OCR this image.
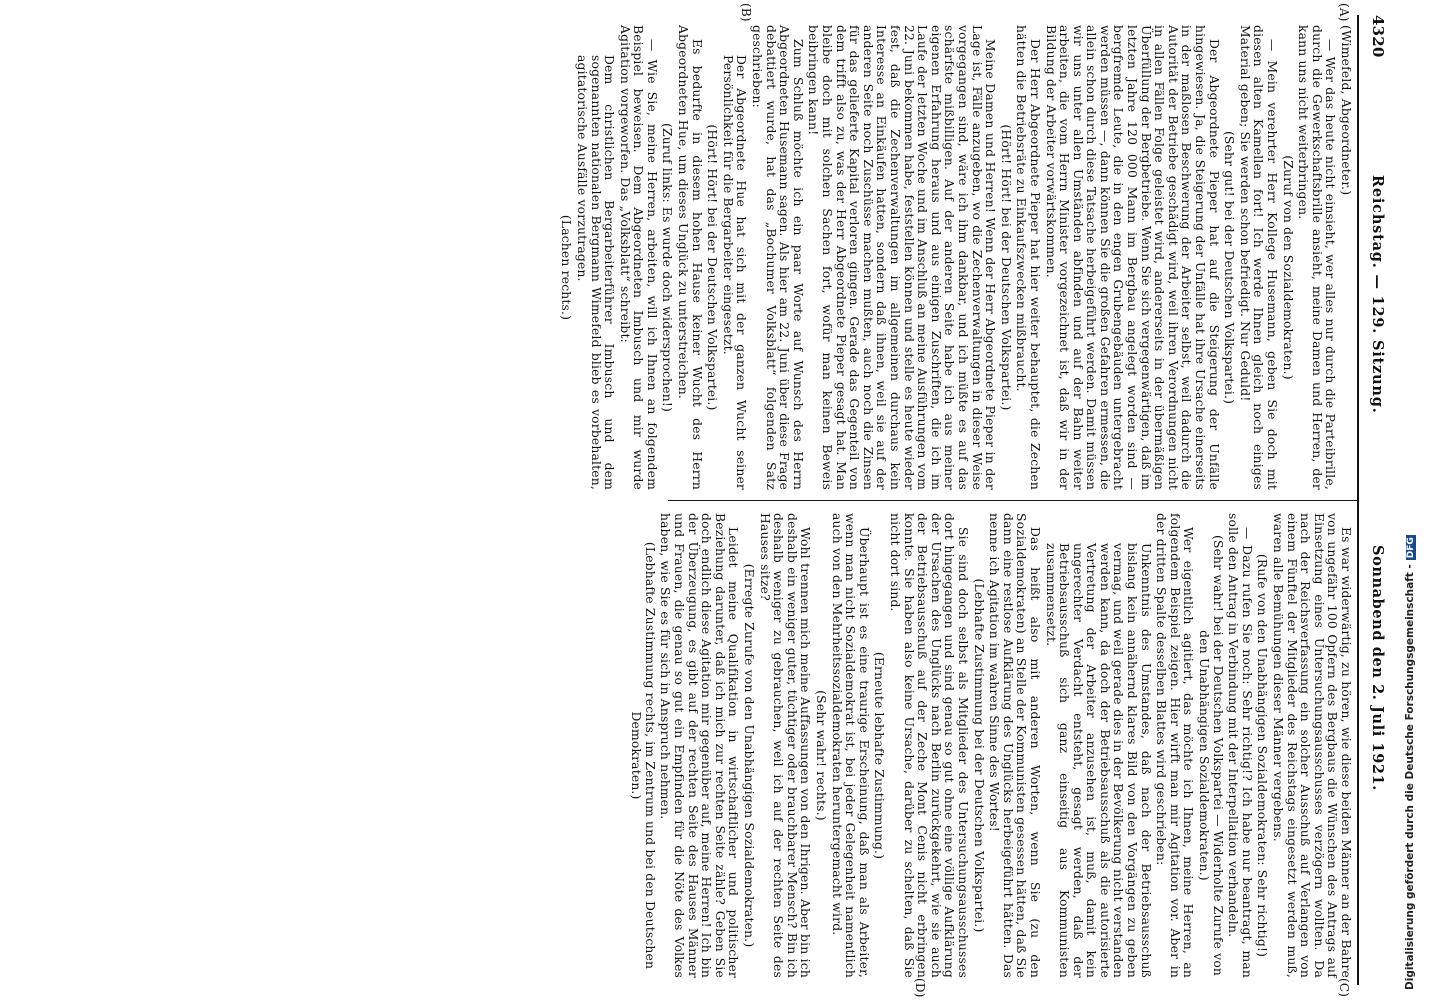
4320
Reichstag. — 129. Sitzung.
Sonnabend den 2. Juli 1921.
(A)
(B)
(C)
(D)

(Wimefeld, Abgeordneter.)

— Wer das heute nicht einsieht, wer alles nur durch die Parteibrille, durch die Gewerkschaftsbrille ansieht, meine Damen und Herren, der kann uns nicht weiterbringen.

(Zuruf von den Sozialdemokraten.)

— Mein verehrter Herr Kollege Husemann, geben Sie doch mit diesen alten Kamellen fort! Ich werde Ihnen gleich noch einiges Material geben; Sie werden schon befriedigt. Nur Geduld!

(Sehr gut! bei der Deutschen Volkspartei.)

Der Abgeordnete Pieper hat auf die Steigerung der Unfälle hingewiesen. Ja, die Steigerung der Unfälle hat ihre Ursache einerseits in der maßlosen Beschwerung der Arbeiter selbst, weil dadurch die Autorität der Betriebe geschädigt wird, weil ihren Verordnungen nicht in allen Fällen Folge geleistet wird, andererseits in der übermäßigen Überfüllung der Bergbetriebe. Wenn Sie sich vergegenwärtigen, daß im letzten Jahre 120 000 Mann im Bergbau angelegt worden sind — bergfremde Leute, die in den engen Grubengebäuden untergebracht werden müssen —, dann können Sie die großen Gefahren ermessen, die allein schon durch diese Tatsache herbeigeführt werden. Damit müssen wir uns unter allen Umständen abfinden und auf der Bahn weiter arbeiten, die vom Herrn Minister vorgezeichnet ist, daß wir in der Bildung der Arbeiter vorwärtskommen.

Der Herr Abgeordnete Pieper hat hier weiter behauptet, die Zechen hätten die Betriebsräte zu Einkaufszwecken mißbraucht.

(Hört! Hört! bei der Deutschen Volkspartei.)

Meine Damen und Herren! Wenn der Herr Abgeordnete Pieper in der Lage ist, Fälle anzugeben, wo die Zechenverwaltungen in dieser Weise vorgegangen sind, wäre ich ihm dankbar, und ich müßte es auf das schärfste mißbilligen. Auf der anderen Seite habe ich aus meiner eigenen Erfahrung heraus und aus einigen Zuschriften, die ich im Laufe der letzten Woche und im Anschluß an meine Ausführungen vom 22. Juni bekommen habe, feststellen können und stelle es heute wieder fest, daß die Zechenverwaltungen im allgemeinen durchaus kein Interesse an Einkäufen hatten, sondern daß ihnen, weil sie auf der anderen Seite noch Zuschüsse machen mußten, auch noch die Zinsen für das gelieferte Kapital verloren gingen. Gerade das Gegenteil von dem trifft also zu, was der Herr Abgeordnete Pieper gesagt hat. Man bleibe doch mit solchen Sachen fort, wofür man keinen Beweis beibringen kann!

Zum Schluß möchte ich ein paar Worte auf Wunsch des Herrn Abgeordneten Husemann sagen. Als hier am 22. Juni über diese Frage debattiert wurde, hat das „Bochumer Volksblatt“ folgenden Satz geschrieben:

Der Abgeordnete Hue hat sich mit der ganzen Wucht seiner Persönlichkeit für die Bergarbeiter eingesetzt.

(Hört! Hört! bei der Deutschen Volkspartei.)

Es bedurfte in diesem hohen Hause keiner Wucht des Herrn Abgeordneten Hue, um dieses Unglück zu unterstreichen.

(Zuruf links: Es wurde doch widersprochen!)

— Wie Sie, meine Herren, arbeiten, will ich Ihnen an folgendem Beispiel beweisen. Dem Abgeordneten Imbusch und mir wurde Agitation vorgeworfen. Das „Volksblatt“ schreibt:

Dem christlichen Bergarbeiterführer Imbusch und dem sogenannten nationalen Bergmann Wimefeld blieb es vorbehalten, agitatorische Ausfälle vorzutragen.

(Lachen rechts.)

Es war widerwärtig, zu hören, wie diese beiden Männer an der Bahre von ungefähr 100 Opfern des Bergbaus die Wünschen des Antrags auf Einsetzung eines Untersuchungsausschusses verzögern wollten. Da nach der Reichsverfassung ein solcher Ausschuß auf Verlangen von einem Fünftel der Mitglieder des Reichstags eingesetzt werden muß, waren alle Bemühungen dieser Männer vergebens.

(Rufe von den Unabhängigen Sozialdemokraten: Sehr richtig!)

— Dazu rufen Sie noch: Sehr richtig!? Ich habe nur beantragt, man solle den Antrag in Verbindung mit der Interpellation verhandeln.

(Sehr wahr! bei der Deutschen Volkspartei — Widerholte Zurufe von den Unabhängigen Sozialdemokraten.)

Wer eigentlich agitiert, das möchte ich Ihnen, meine Herren, an folgendem Beispiel zeigen. Hier wirft man mir Agitation vor. Aber in der dritten Spalte desselben Blattes wird geschrieben:

Unkenntnis des Umstandes, daß nach der Betriebsausschuß bislang kein annähernd klares Bild von den Vorgängen zu geben vermag, und weil gerade dies in der Bevölkerung nicht verstanden werden kann, da doch der Betriebsausschuß als die autorisierte Vertretung der Arbeiter anzusehen ist, muß, damit kein ungerechter Verdacht entsteht, gesagt werden, daß der Betriebsausschuß sich ganz einseitig aus Kommunisten zusammensetzt.

Das heißt also mit anderen Worten, wenn Sie (zu den Sozialdemokraten) an Stelle der Kommunisten gesessen hätten, daß Sie dann eine restlose Aufklärung des Unglücks herbeigeführt hätten. Das nenne ich Agitation im wahren Sinne des Wortes!

(Lebhafte Zustimmung bei der Deutschen Volkspartei.)

Sie sind doch selbst als Mitglieder des Untersuchungsausschusses dort hingegangen und sind genau so gut ohne eine völlige Aufklärung der Ursachen des Unglücks nach Berlin zurückgekehrt, wie sie auch der Betriebsausschuß auf der Zeche Mont Cenis nicht erbringen konnte. Sie haben also keine Ursache, darüber zu schelten, daß Sie nicht dort sind.

(Erneute lebhafte Zustimmung.)

Überhaupt ist es eine traurige Erscheinung, daß man als Arbeiter, wenn man nicht Sozialdemokrat ist, bei jeder Gelegenheit namentlich auch von den Mehrheitssozialdemokraten heruntergemacht wird.

(Sehr wahr! rechts.)

Wohl trennen mich meine Auffassungen von den Ihrigen. Aber bin ich deshalb ein weniger guter, tüchtiger oder brauchbarer Mensch? Bin ich deshalb weniger zu gebrauchen, weil ich auf der rechten Seite des Hauses sitze?

(Erregte Zurufe von den Unabhängigen Sozialdemokraten.)

Leidet meine Qualifikation in wirtschaftlicher und politischer Beziehung darunter, daß ich mich zur rechten Seite zähle? Geben Sie doch endlich diese Agitation mir gegenüber auf, meine Herren! Ich bin der Überzeugung, es gibt auf der rechten Seite des Hauses Männer und Frauen, die genau so gut ein Empfinden für die Nöte des Volkes haben, wie Sie es für sich in Anspruch nehmen.

(Lebhafte Zustimmung rechts, im Zentrum und bei den Deutschen Demokraten.)	Digitalisierung gefördert durch die Deutsche Forschungsgemeinschaft -DFG
